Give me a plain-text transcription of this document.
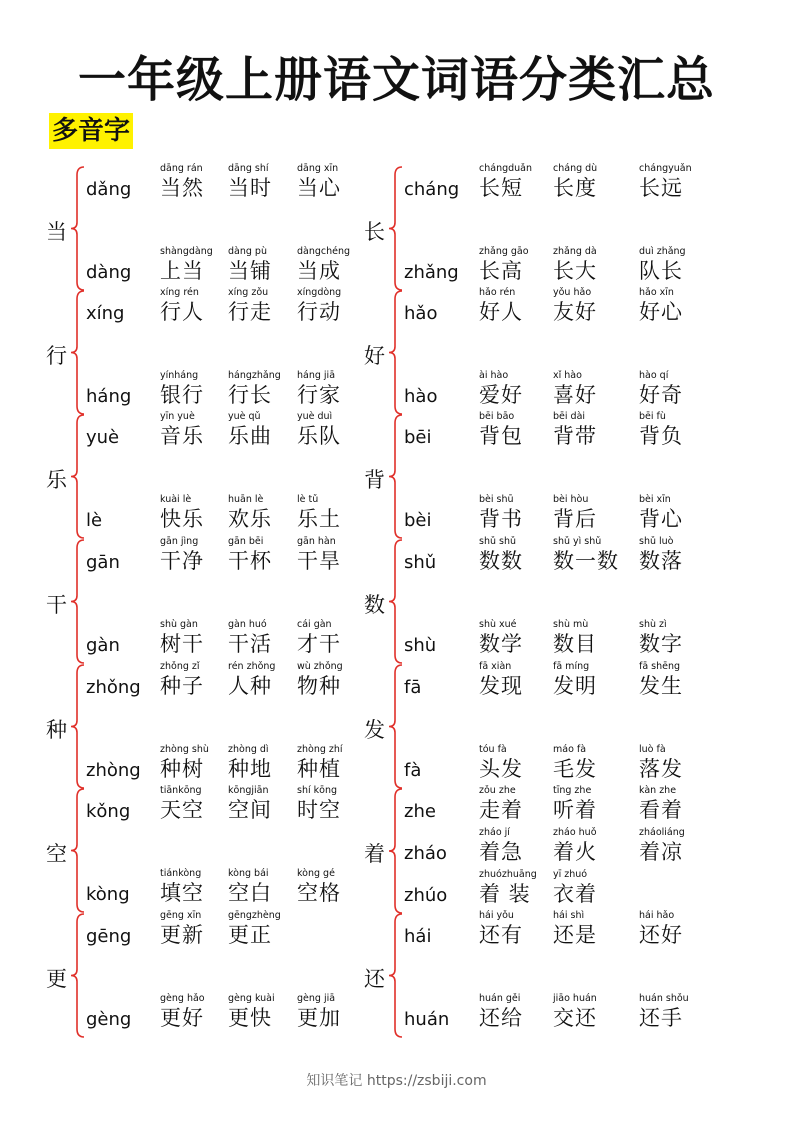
一年级上册语文词语分类汇总
多音字
当
dǎng
dāng rán
当然
dāng shí
当时
dāng xīn
当心
dàng
shàngdàng
上当
dàng pù
当铺
dàngchéng
当成
长
cháng
chángduǎn
长短
cháng dù
长度
chángyuǎn
长远
zhǎng
zhǎng gāo
长高
zhǎng dà
长大
duì zhǎng
队长
行
xíng
xíng rén
行人
xíng zǒu
行走
xíngdòng
行动
háng
yínháng
银行
hángzhǎng
行长
háng jiā
行家
好
hǎo
hǎo rén
好人
yǒu hǎo
友好
hǎo xīn
好心
hào
ài hào
爱好
xǐ hào
喜好
hào qí
好奇
乐
yuè
yīn yuè
音乐
yuè qǔ
乐曲
yuè duì
乐队
lè
kuài lè
快乐
huān lè
欢乐
lè tǔ
乐土
背
bēi
bēi bāo
背包
bēi dài
背带
bēi fù
背负
bèi
bèi shū
背书
bèi hòu
背后
bèi xīn
背心
干
gān
gān jìng
干净
gān bēi
干杯
gān hàn
干旱
gàn
shù gàn
树干
gàn huó
干活
cái gàn
才干
数
shǔ
shǔ shǔ
数数
shǔ yì shǔ
数一数
shǔ luò
数落
shù
shù xué
数学
shù mù
数目
shù zì
数字
种
zhǒng
zhǒng zǐ
种子
rén zhǒng
人种
wù zhǒng
物种
zhòng
zhòng shù
种树
zhòng dì
种地
zhòng zhí
种植
发
fā
fā xiàn
发现
fā míng
发明
fā shēng
发生
fà
tóu fà
头发
máo fà
毛发
luò fà
落发
空
kǒng
tiānkōng
天空
kōngjiān
空间
shí kōng
时空
kòng
tiánkòng
填空
kòng bái
空白
kòng gé
空格
着
zhe
zǒu zhe
走着
tīng zhe
听着
kàn zhe
看着
zháo
zháo jí
着急
zháo huǒ
着火
zháoliáng
着凉
zhúo
zhuózhuāng
着 装
yī zhuó
衣着
更
gēng
gēng xīn
更新
gēngzhèng
更正
gèng
gèng hǎo
更好
gèng kuài
更快
gèng jiā
更加
还
hái
hái yǒu
还有
hái shì
还是
hái hǎo
还好
huán
huán gěi
还给
jiāo huán
交还
huán shǒu
还手
知识笔记 https://zsbiji.com
